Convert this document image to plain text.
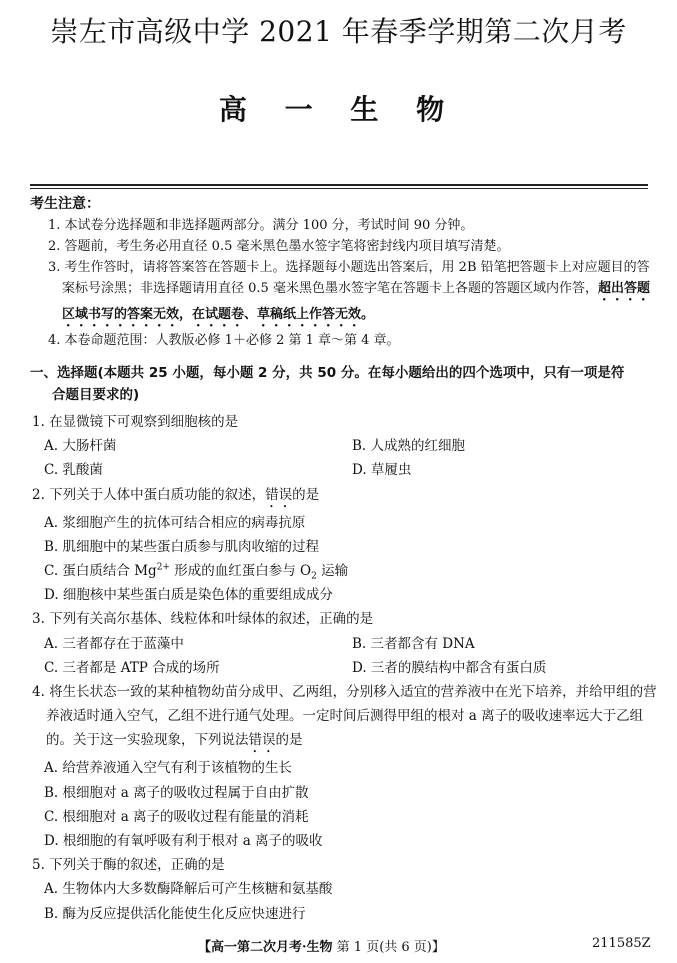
崇左市高级中学 2021 年春季学期第二次月考
高 一 生 物
考生注意：
1. 本试卷分选择题和非选择题两部分。满分 100 分，考试时间 90 分钟。
2. 答题前，考生务必用直径 0.5 毫米黑色墨水签字笔将密封线内项目填写清楚。
3. 考生作答时，请将答案答在答题卡上。选择题每小题选出答案后，用 2B 铅笔把答题卡上对应题目的答案标号涂黑；非选择题请用直径 0.5 毫米黑色墨水签字笔在答题卡上各题的答题区域内作答，超出答题区域书写的答案无效，在试题卷、草稿纸上作答无效。
4. 本卷命题范围：人教版必修 1＋必修 2 第 1 章～第 4 章。
一、选择题(本题共 25 小题，每小题 2 分，共 50 分。在每小题给出的四个选项中，只有一项是符
合题目要求的)
1. 在显微镜下可观察到细胞核的是
A. 大肠杆菌	B. 人成熟的红细胞
C. 乳酸菌	D. 草履虫
2. 下列关于人体中蛋白质功能的叙述，错误的是
A. 浆细胞产生的抗体可结合相应的病毒抗原
B. 肌细胞中的某些蛋白质参与肌肉收缩的过程
C. 蛋白质结合 $Mg^{2+}$ 形成的血红蛋白参与 $O_2$ 运输
D. 细胞核中某些蛋白质是染色体的重要组成成分
3. 下列有关高尔基体、线粒体和叶绿体的叙述，正确的是
A. 三者都存在于蓝藻中	B. 三者都含有 DNA
C. 三者都是 ATP 合成的场所	D. 三者的膜结构中都含有蛋白质
4. 将生长状态一致的某种植物幼苗分成甲、乙两组，分别移入适宜的营养液中在光下培养，并给甲组的营养液适时通入空气，乙组不进行通气处理。一定时间后测得甲组的根对 a 离子的吸收速率远大于乙组的。关于这一实验现象，下列说法错误的是
A. 给营养液通入空气有利于该植物的生长
B. 根细胞对 a 离子的吸收过程属于自由扩散
C. 根细胞对 a 离子的吸收过程有能量的消耗
D. 根细胞的有氧呼吸有利于根对 a 离子的吸收
5. 下列关于酶的叙述，正确的是
A. 生物体内大多数酶降解后可产生核糖和氨基酸
B. 酶为反应提供活化能使生化反应快速进行
【高一第二次月考·生物 第 1 页(共 6 页)】	211585Z
